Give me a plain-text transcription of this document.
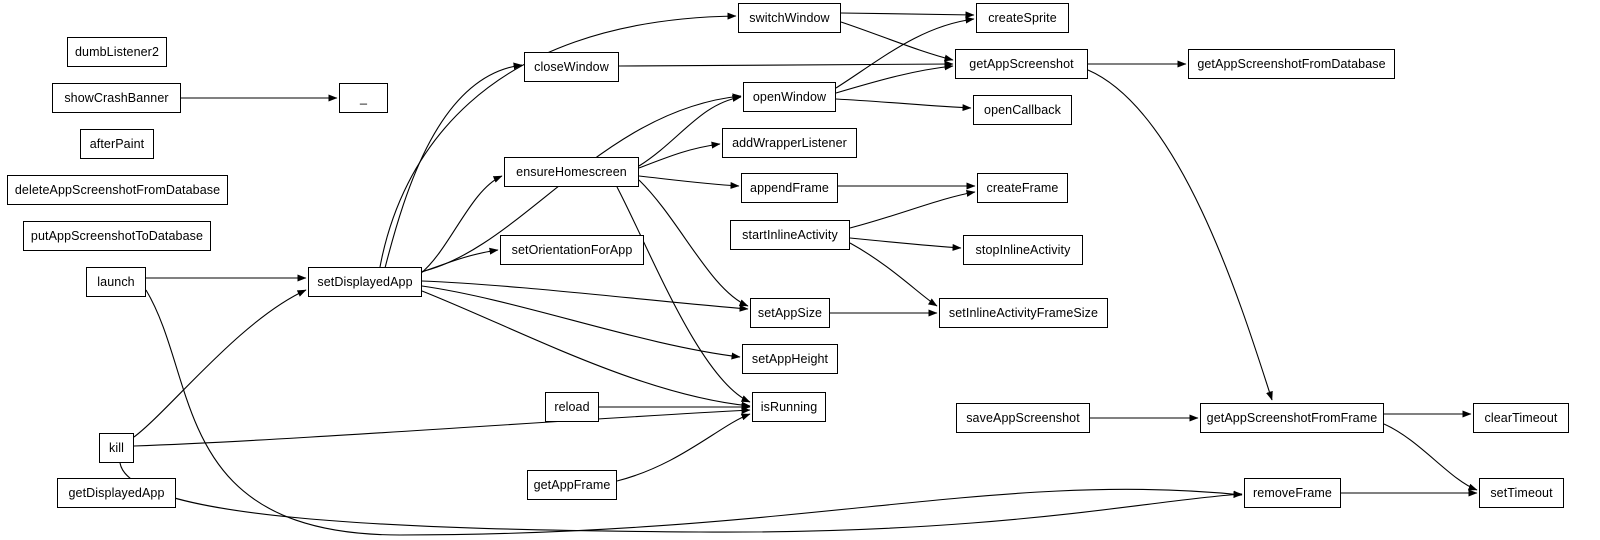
dumbListener2
showCrashBanner	_
afterPaint
deleteAppScreenshotFromDatabase
putAppScreenshotToDatabase
launch
kill
getDisplayedApp
setDisplayedApp
closeWindow
ensureHomescreen
setOrientationForApp
reload
getAppFrame
switchWindow
openWindow
addWrapperListener
appendFrame
startInlineActivity
setAppSize
setAppHeight
isRunning
createSprite
getAppScreenshot
openCallback
createFrame
stopInlineActivity
setInlineActivityFrameSize
saveAppScreenshot
getAppScreenshotFromDatabase
getAppScreenshotFromFrame
removeFrame
clearTimeout
setTimeout
